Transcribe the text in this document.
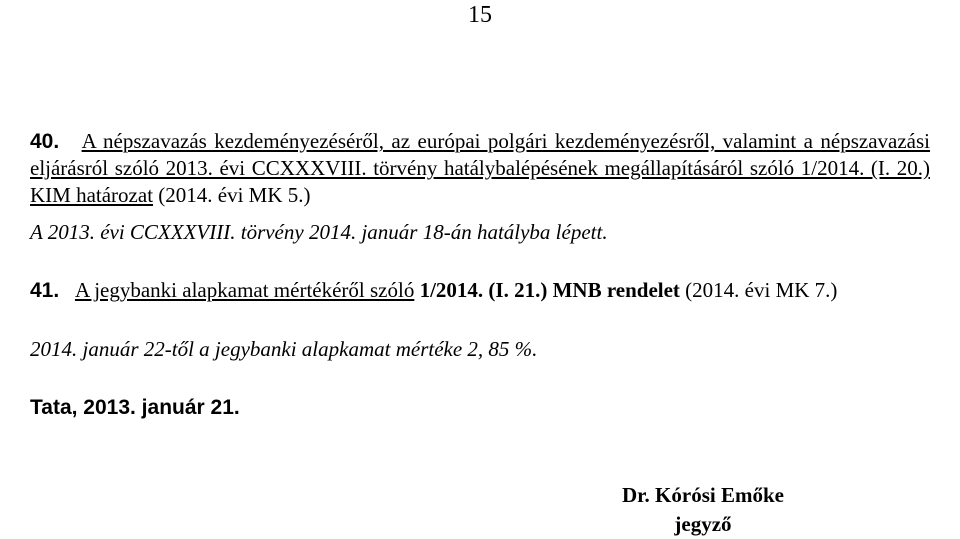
15
40. A népszavazás kezdeményezéséről, az európai polgári kezdeményezésről, valamint a népszavazási eljárásról szóló 2013. évi CCXXXVIII. törvény hatálybalépésének megállapításáról szóló 1/2014. (I. 20.) KIM határozat (2014. évi MK 5.)
A 2013. évi CCXXXVIII. törvény 2014. január 18-án hatályba lépett.
41. A jegybanki alapkamat mértékéről szóló 1/2014. (I. 21.) MNB rendelet (2014. évi MK 7.)
2014. január 22-től a jegybanki alapkamat mértéke 2, 85 %.
Tata, 2013. január 21.
Dr. Kórósi Emőke
jegyző
